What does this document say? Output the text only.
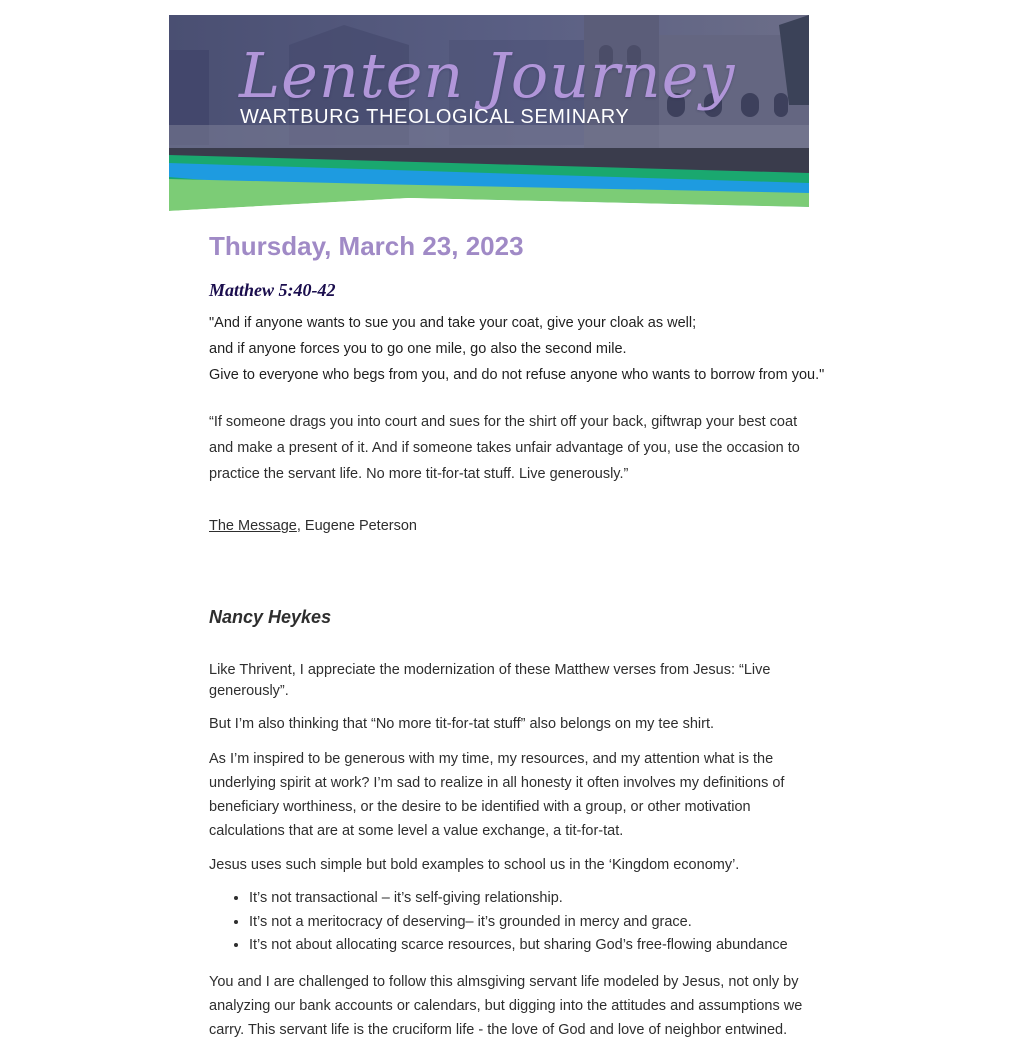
Lenten Journey
WARTBURG THEOLOGICAL SEMINARY
Thursday, March 23, 2023
Matthew 5:40-42
"And if anyone wants to sue you and take your coat, give your cloak as well;
and if anyone forces you to go one mile, go also the second mile.
Give to everyone who begs from you, and do not refuse anyone who wants to borrow from you."

“If someone drags you into court and sues for the shirt off your back, giftwrap your best coat and make a present of it. And if someone takes unfair advantage of you, use the occasion to practice the servant life. No more tit-for-tat stuff. Live generously.”

The Message, Eugene Peterson

Nancy Heykes

Like Thrivent, I appreciate the modernization of these Matthew verses from Jesus: “Live generously”.

But I’m also thinking that “No more tit-for-tat stuff” also belongs on my tee shirt.

As I’m inspired to be generous with my time, my resources, and my attention what is the underlying spirit at work? I’m sad to realize in all honesty it often involves my definitions of beneficiary worthiness, or the desire to be identified with a group, or other motivation calculations that are at some level a value exchange, a tit-for-tat.

Jesus uses such simple but bold examples to school us in the ‘Kingdom economy’.

• It’s not transactional – it’s self-giving relationship.
• It’s not a meritocracy of deserving– it’s grounded in mercy and grace.
• It’s not about allocating scarce resources, but sharing God’s free-flowing abundance

You and I are challenged to follow this almsgiving servant life modeled by Jesus, not only by analyzing our bank accounts or calendars, but digging into the attitudes and assumptions we carry. This servant life is the cruciform life - the love of God and love of neighbor entwined.
